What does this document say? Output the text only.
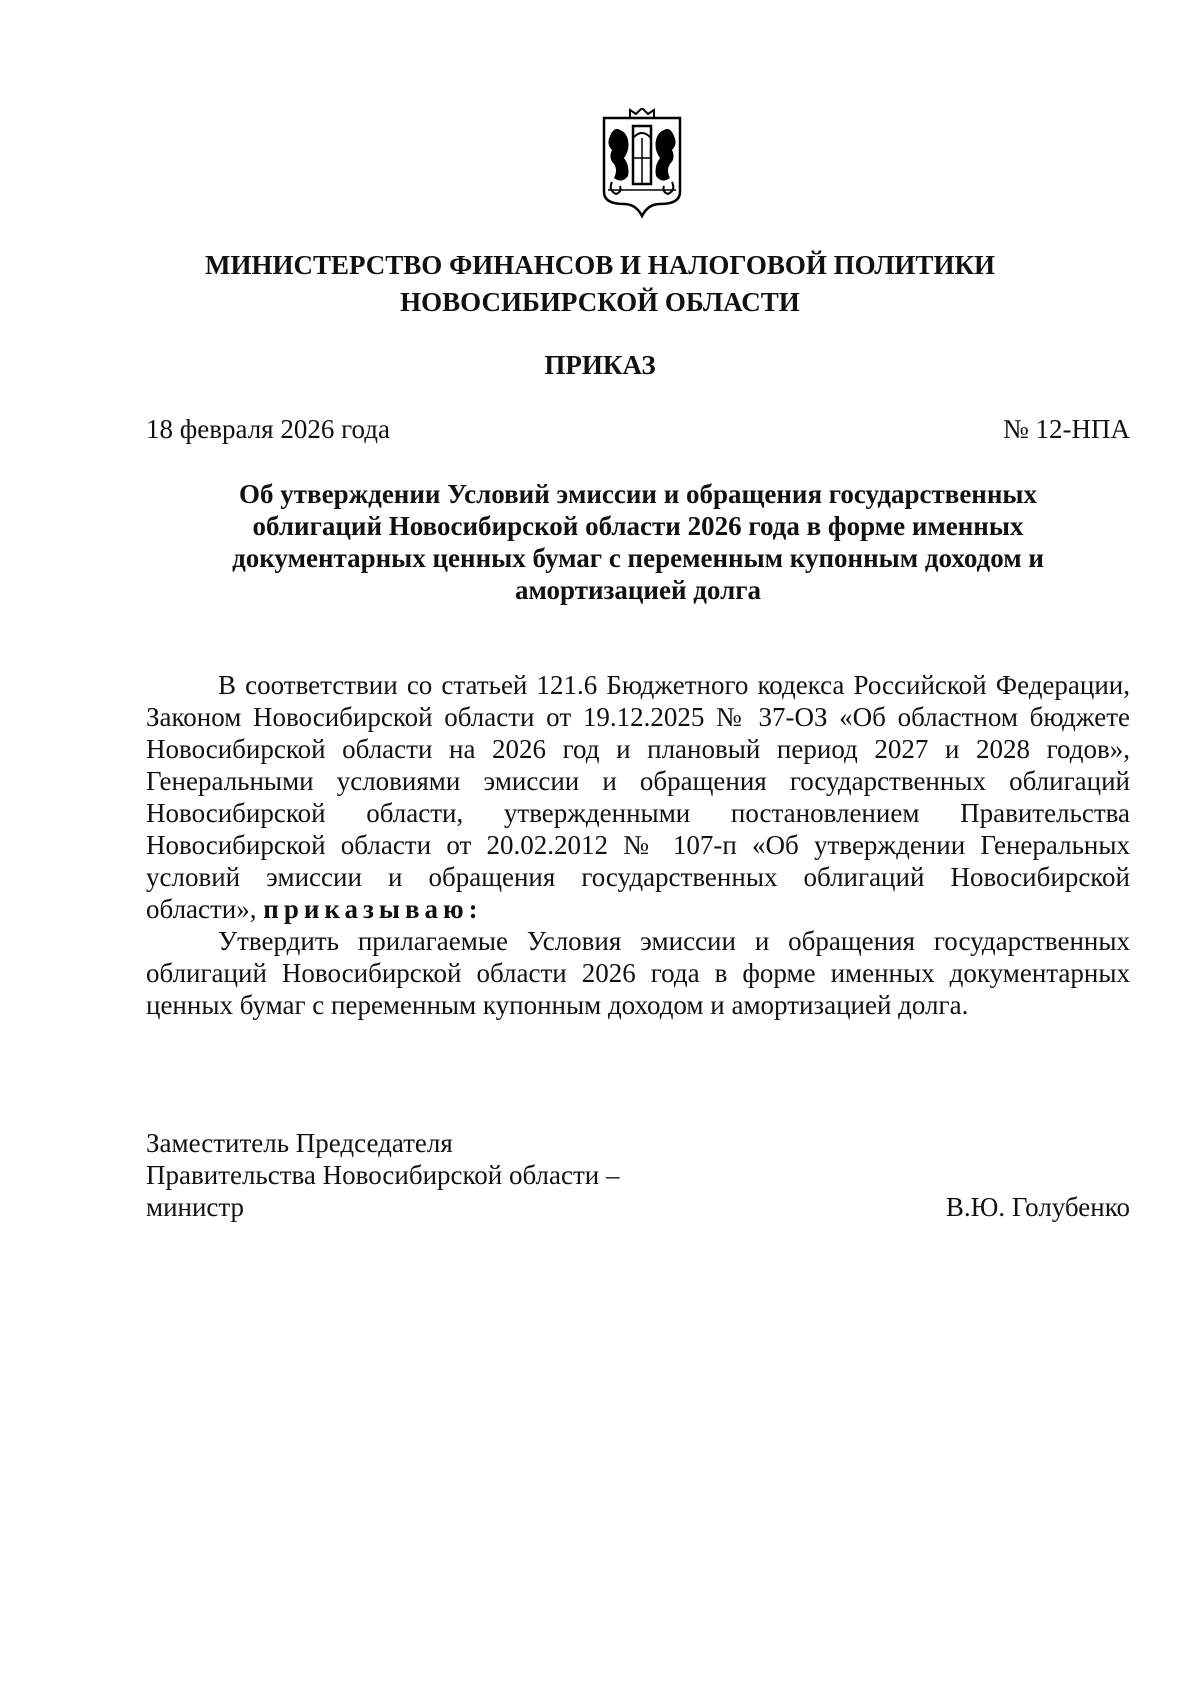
МИНИСТЕРСТВО ФИНАНСОВ И НАЛОГОВОЙ ПОЛИТИКИ
НОВОСИБИРСКОЙ ОБЛАСТИ
ПРИКАЗ
18 февраля 2026 года	№ 12-НПА
Об утверждении Условий эмиссии и обращения государственных
облигаций Новосибирской области 2026 года в форме именных
документарных ценных бумаг с переменным купонным доходом и
амортизацией долга

В соответствии со статьей 121.6 Бюджетного кодекса Российской Федерации, Законом Новосибирской области от 19.12.2025 № 37-ОЗ «Об областном бюджете Новосибирской области на 2026 год и плановый период 2027 и 2028 годов», Генеральными условиями эмиссии и обращения государственных облигаций Новосибирской области, утвержденными постановлением Правительства Новосибирской области от 20.02.2012 № 107-п «Об утверждении Генеральных условий эмиссии и обращения государственных облигаций Новосибирской области», приказываю:

Утвердить прилагаемые Условия эмиссии и обращения государственных облигаций Новосибирской области 2026 года в форме именных документарных ценных бумаг с переменным купонным доходом и амортизацией долга.

Заместитель Председателя
Правительства Новосибирской области –
министр	В.Ю. Голубенко
